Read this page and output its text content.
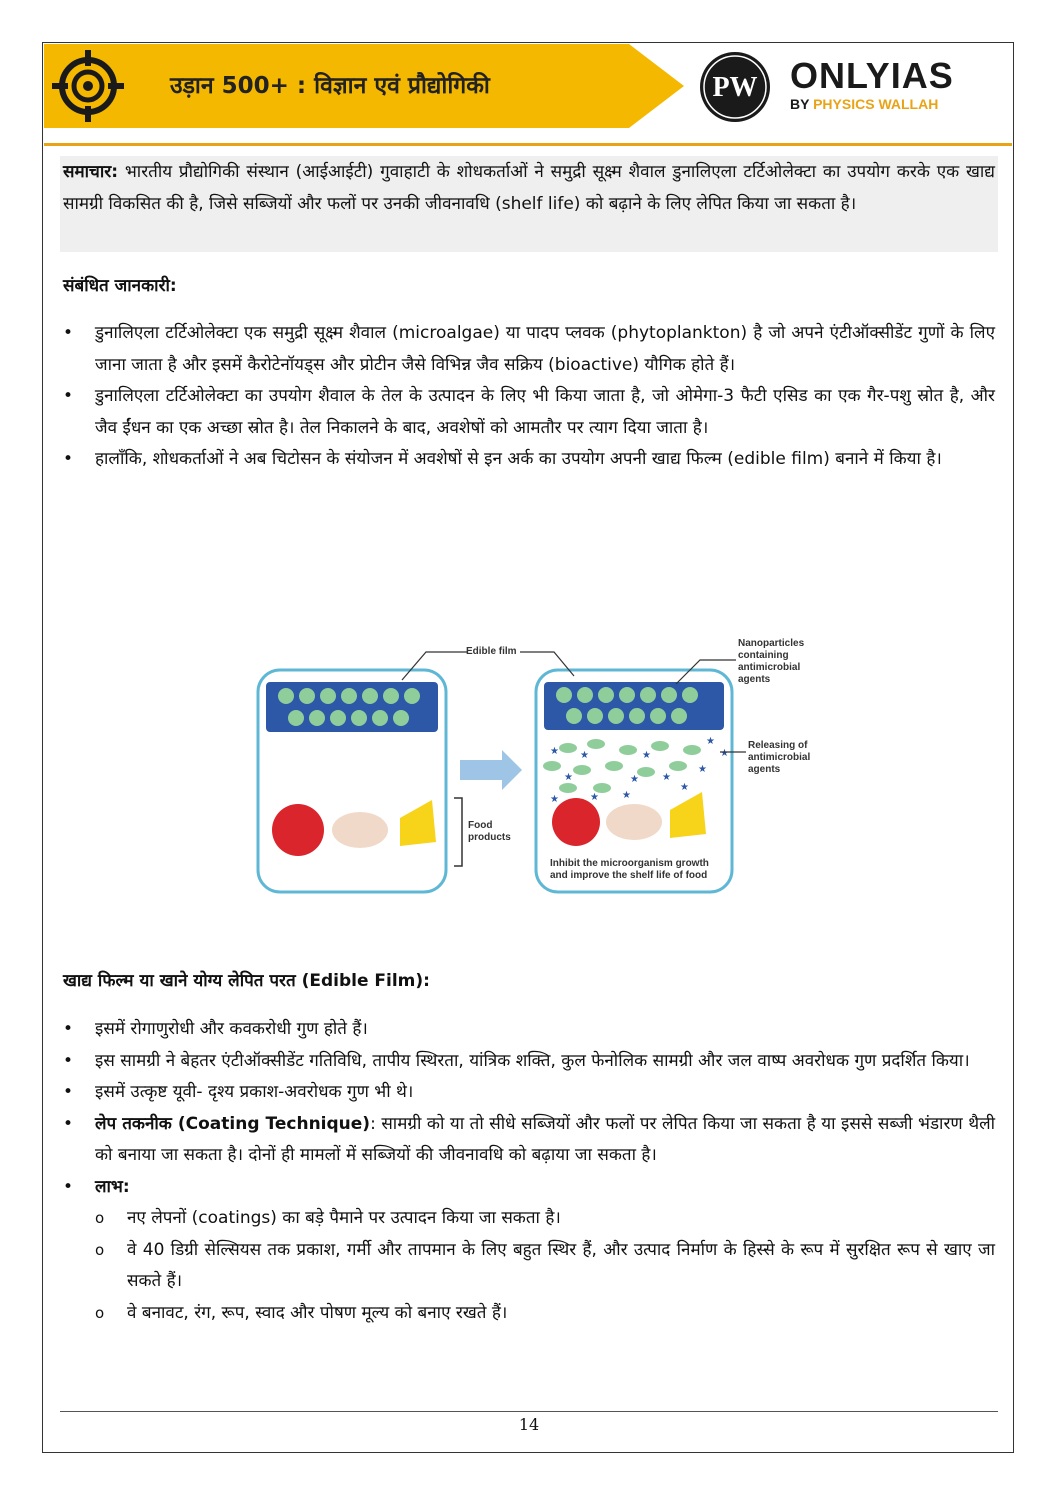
उड़ान 500+ : विज्ञान एवं प्रौद्योगिकी	PW ONLYIAS
BY PHYSICS WALLAH
समाचार: भारतीय प्रौद्योगिकी संस्थान (आईआईटी) गुवाहाटी के शोधकर्ताओं ने समुद्री सूक्ष्म शैवाल डुनालिएला टर्टिओलेक्टा का उपयोग करके एक खाद्य सामग्री विकसित की है, जिसे सब्जियों और फलों पर उनकी जीवनावधि (shelf life) को बढ़ाने के लिए लेपित किया जा सकता है।
संबंधित जानकारी:
• डुनालिएला टर्टिओलेक्टा एक समुद्री सूक्ष्म शैवाल (microalgae) या पादप प्लवक (phytoplankton) है जो अपने एंटीऑक्सीडेंट गुणों के लिए जाना जाता है और इसमें कैरोटेनॉयड्स और प्रोटीन जैसे विभिन्न जैव सक्रिय (bioactive) यौगिक होते हैं।
• डुनालिएला टर्टिओलेक्टा का उपयोग शैवाल के तेल के उत्पादन के लिए भी किया जाता है, जो ओमेगा-3 फैटी एसिड का एक गैर-पशु स्रोत है, और जैव ईंधन का एक अच्छा स्रोत है। तेल निकालने के बाद, अवशेषों को आमतौर पर त्याग दिया जाता है।
• हालाँकि, शोधकर्ताओं ने अब चिटोसन के संयोजन में अवशेषों से इन अर्क का उपयोग अपनी खाद्य फिल्म (edible film) बनाने में किया है।
★ ★	★
★
★
★	★ ★
★
★
★	★
★
Edible film
Nanoparticles
containing
antimicrobial
agents
Releasing of
antimicrobial
agents
Food
products
Inhibit the microorganism growth
and improve the shelf life of food
खाद्य फिल्म या खाने योग्य लेपित परत (Edible Film):
• इसमें रोगाणुरोधी और कवकरोधी गुण होते हैं।
• इस सामग्री ने बेहतर एंटीऑक्सीडेंट गतिविधि, तापीय स्थिरता, यांत्रिक शक्ति, कुल फेनोलिक सामग्री और जल वाष्प अवरोधक गुण प्रदर्शित किया।
• इसमें उत्कृष्ट यूवी- दृश्य प्रकाश-अवरोधक गुण भी थे।
• लेप तकनीक (Coating Technique): सामग्री को या तो सीधे सब्जियों और फलों पर लेपित किया जा सकता है या इससे सब्जी भंडारण थैली को बनाया जा सकता है। दोनों ही मामलों में सब्जियों की जीवनावधि को बढ़ाया जा सकता है।
• लाभ:
o नए लेपनों (coatings) का बड़े पैमाने पर उत्पादन किया जा सकता है।
o वे 40 डिग्री सेल्सियस तक प्रकाश, गर्मी और तापमान के लिए बहुत स्थिर हैं, और उत्पाद निर्माण के हिस्से के रूप में सुरक्षित रूप से खाए जा सकते हैं।
o वे बनावट, रंग, रूप, स्वाद और पोषण मूल्य को बनाए रखते हैं।
14
